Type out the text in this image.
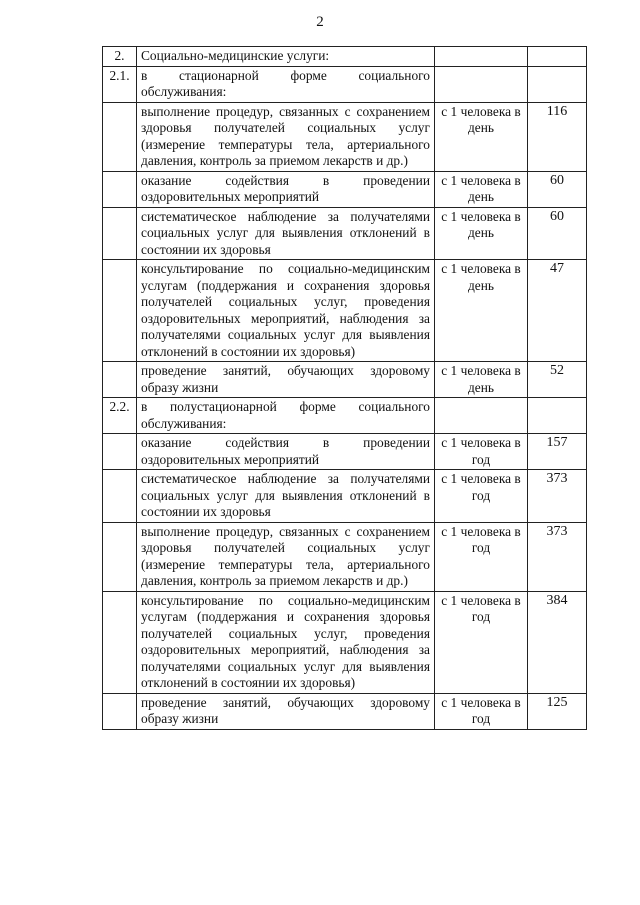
2
2.	Социально-медицинские услуги:		
2.1.	в стационарной форме социального обслуживания:		
	выполнение процедур, связанных с сохранением здоровья получателей социальных услуг (измерение температуры тела, артериального давления, контроль за приемом лекарств и др.)	с 1 человека в день	116
	оказание содействия в проведении оздоровительных мероприятий	с 1 человека в день	60
	систематическое наблюдение за получателями социальных услуг для выявления отклонений в состоянии их здоровья	с 1 человека в день	60
	консультирование по социально-медицинским услугам (поддержания и сохранения здоровья получателей социальных услуг, проведения оздоровительных мероприятий, наблюдения за получателями социальных услуг для выявления отклонений в состоянии их здоровья)	с 1 человека в день	47
	проведение занятий, обучающих здоровому образу жизни	с 1 человека в день	52
2.2.	в полустационарной форме социального обслуживания:		
	оказание содействия в проведении оздоровительных мероприятий	с 1 человека в год	157
	систематическое наблюдение за получателями социальных услуг для выявления отклонений в состоянии их здоровья	с 1 человека в год	373
	выполнение процедур, связанных с сохранением здоровья получателей социальных услуг (измерение температуры тела, артериального давления, контроль за приемом лекарств и др.)	с 1 человека в год	373
	консультирование по социально-медицинским услугам (поддержания и сохранения здоровья получателей социальных услуг, проведения оздоровительных мероприятий, наблюдения за получателями социальных услуг для выявления отклонений в состоянии их здоровья)	с 1 человека в год	384
	проведение занятий, обучающих здоровому образу жизни	с 1 человека в год	125
